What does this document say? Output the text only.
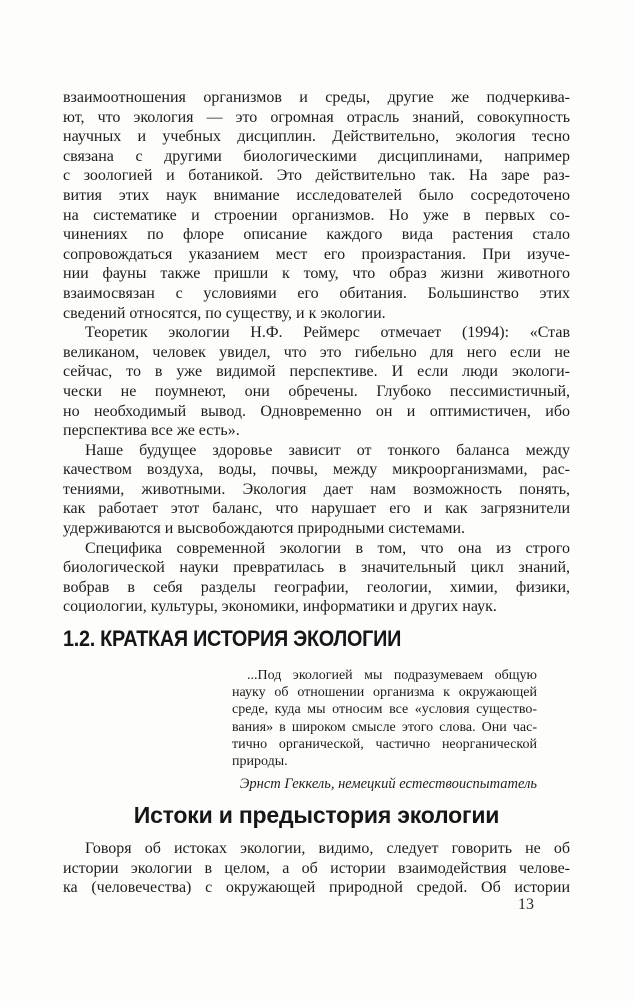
взаимоотношения организмов и среды, другие же подчеркива-
ют, что экология — это огромная отрасль знаний, совокупность
научных и учебных дисциплин. Действительно, экология тесно
связана с другими биологическими дисциплинами, например
с зоологией и ботаникой. Это действительно так. На заре раз-
вития этих наук внимание исследователей было сосредоточено
на систематике и строении организмов. Но уже в первых со-
чинениях по флоре описание каждого вида растения стало
сопровождаться указанием мест его произрастания. При изуче-
нии фауны также пришли к тому, что образ жизни животного
взаимосвязан с условиями его обитания. Большинство этих
сведений относятся, по существу, и к экологии.
Теоретик экологии Н.Ф. Реймерс отмечает (1994): «Став
великаном, человек увидел, что это гибельно для него если не
сейчас, то в уже видимой перспективе. И если люди экологи-
чески не поумнеют, они обречены. Глубоко пессимистичный,
но необходимый вывод. Одновременно он и оптимистичен, ибо
перспектива все же есть».
Наше будущее здоровье зависит от тонкого баланса между
качеством воздуха, воды, почвы, между микроорганизмами, рас-
тениями, животными. Экология дает нам возможность понять,
как работает этот баланс, что нарушает его и как загрязнители
удерживаются и высвобождаются природными системами.
Специфика современной экологии в том, что она из строго
биологической науки превратилась в значительный цикл знаний,
вобрав в себя разделы географии, геологии, химии, физики,
социологии, культуры, экономики, информатики и других наук.
1.2. КРАТКАЯ ИСТОРИЯ ЭКОЛОГИИ
...Под экологией мы подразумеваем общую
науку об отношении организма к окружающей
среде, куда мы относим все «условия существо-
вания» в широком смысле этого слова. Они час-
тично органической, частично неорганической
природы.
Эрнст Геккель, немецкий естествоиспытатель
Истоки и предыстория экологии
Говоря об истоках экологии, видимо, следует говорить не об
истории экологии в целом, а об истории взаимодействия челове-
ка (человечества) с окружающей природной средой. Об истории
13
